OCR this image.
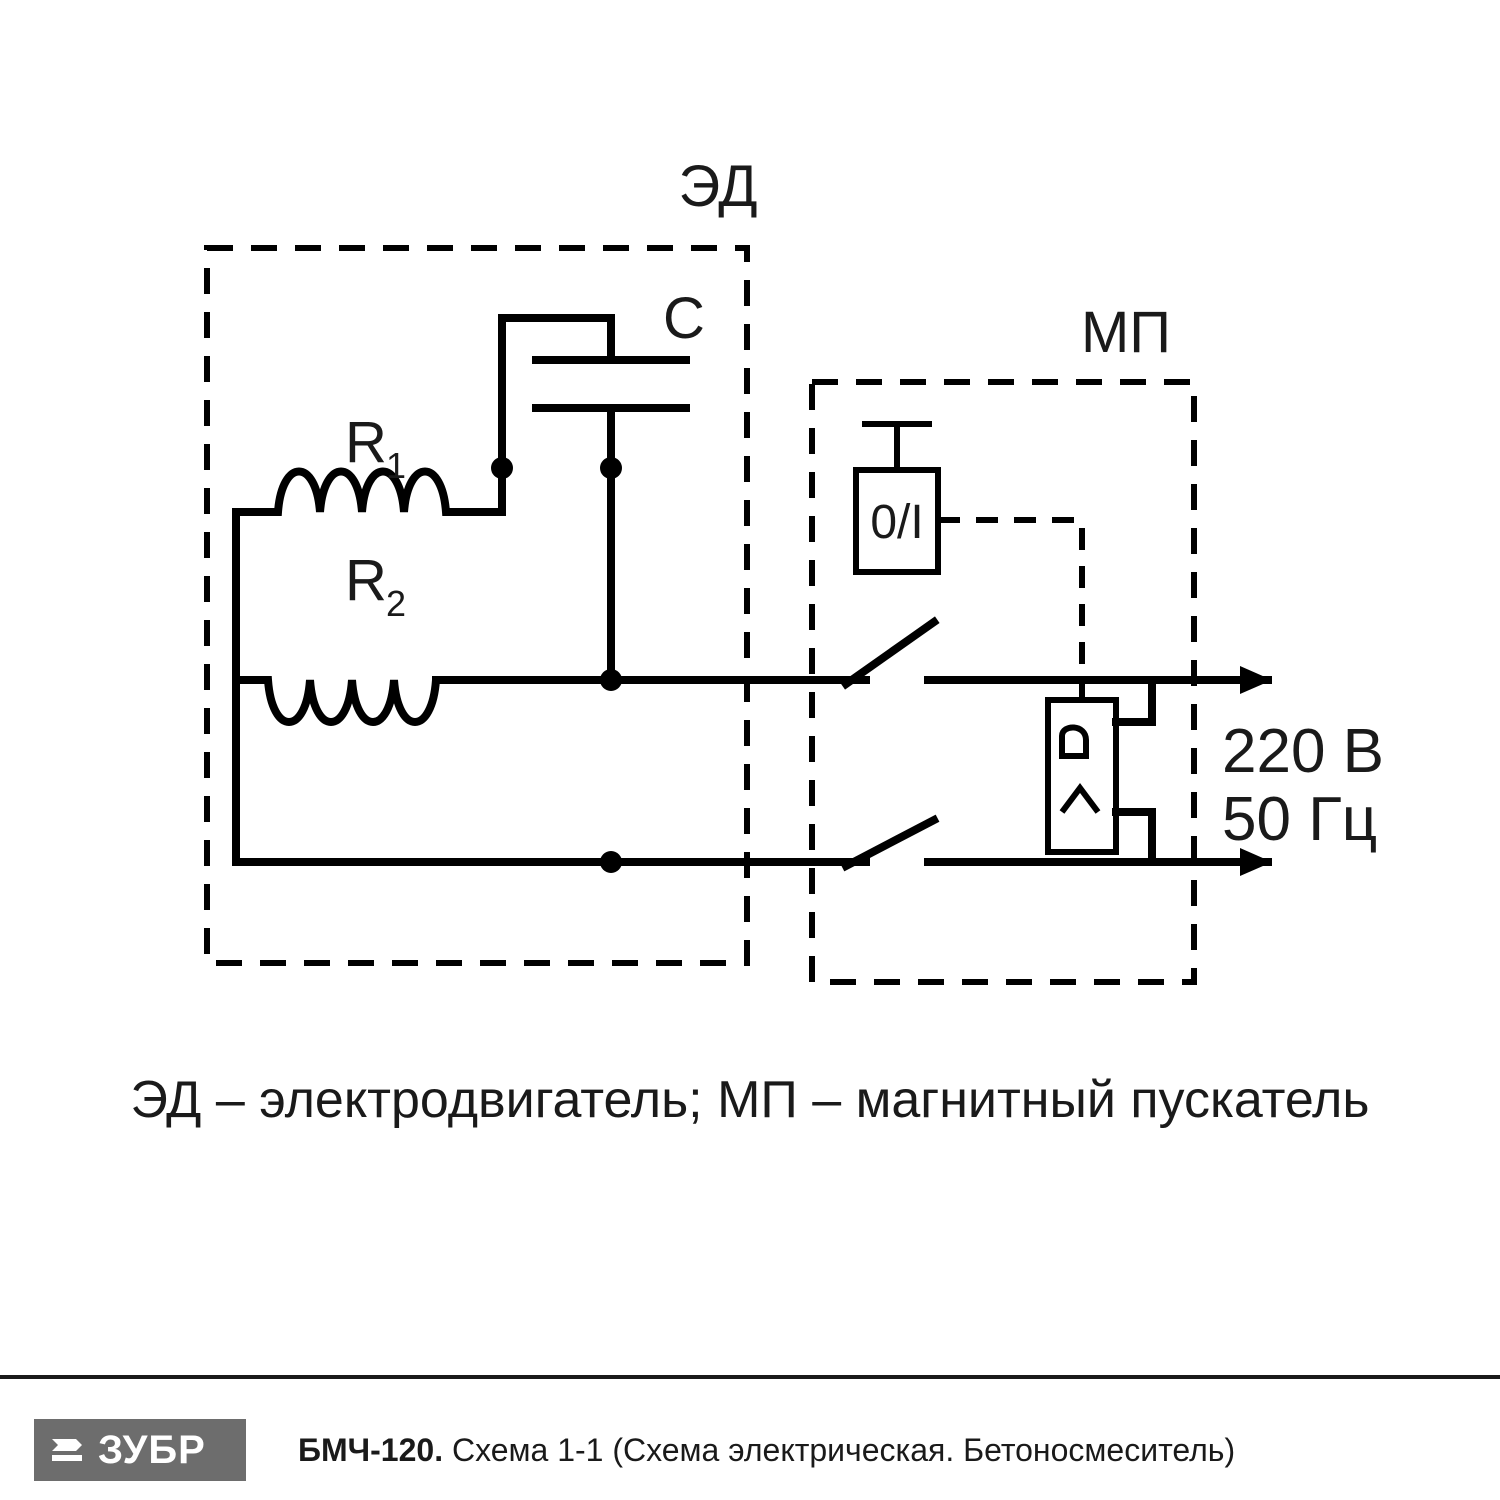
0/I
ЭД
МП
C
R 1
R 2
220 В
50 Гц
ЭД – электродвигатель; МП – магнитный пускатель
ЗУБР	БМЧ-120. Схема 1-1 (Схема электрическая. Бетоносмеситель)
